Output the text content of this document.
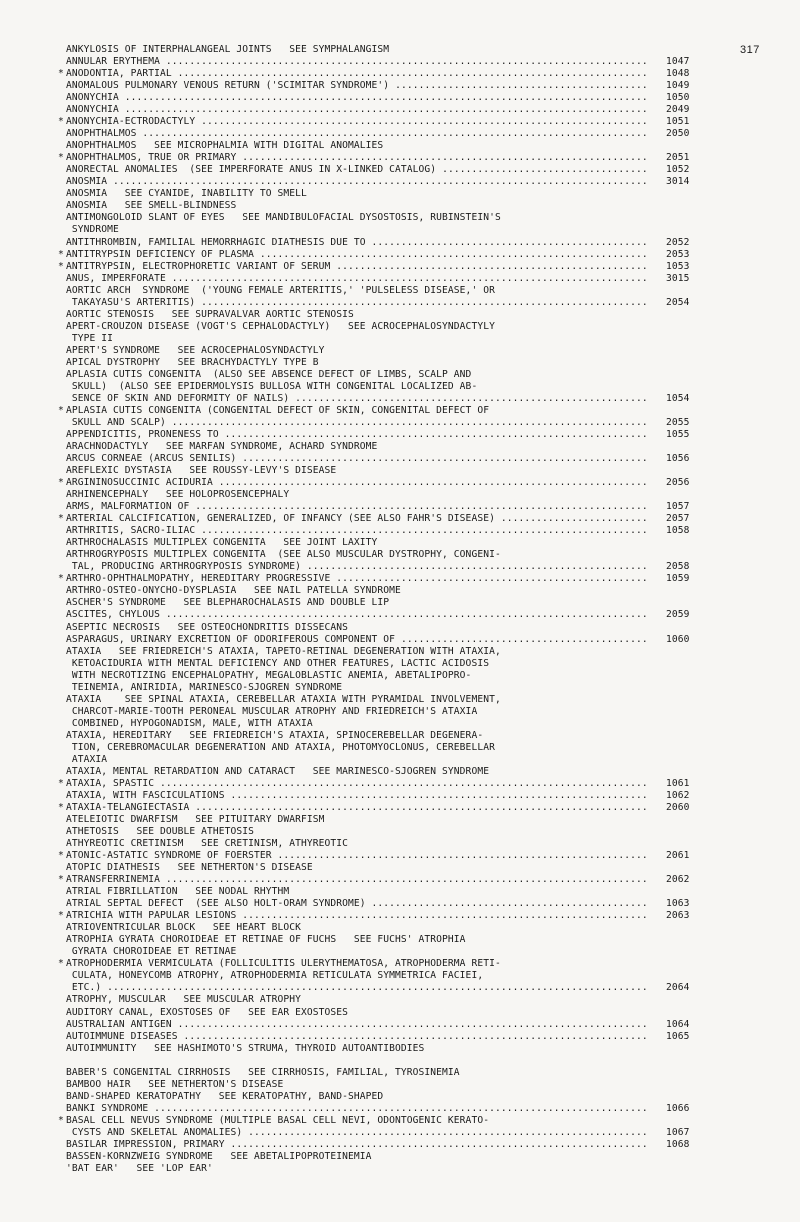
317
ANKYLOSIS OF INTERPHALANGEAL JOINTS   SEE SYMPHALANGISM
ANNULAR ERYTHEMA .....	1047
* ANODONTIA, PARTIAL .....	1048
ANOMALOUS PULMONARY VENOUS RETURN ('SCIMITAR SYNDROME') .....	1049
ANONYCHIA .....	1050
ANONYCHIA .....	2049
* ANONYCHIA-ECTRODACTYLY .....	1051
ANOPHTHALMOS .....	2050
ANOPHTHALMOS   SEE MICROPHALMIA WITH DIGITAL ANOMALIES
* ANOPHTHALMOS, TRUE OR PRIMARY .....	2051
ANORECTAL ANOMALIES  (SEE IMPERFORATE ANUS IN X-LINKED CATALOG) .....	1052
ANOSMIA .....	3014
ANOSMIA   SEE CYANIDE, INABILITY TO SMELL
ANOSMIA   SEE SMELL-BLINDNESS
ANTIMONGOLOID SLANT OF EYES   SEE MANDIBULOFACIAL DYSOSTOSIS, RUBINSTEIN'S
SYNDROME
ANTITHROMBIN, FAMILIAL HEMORRHAGIC DIATHESIS DUE TO .....	2052
* ANTITRYPSIN DEFICIENCY OF PLASMA .....	2053
* ANTITRYPSIN, ELECTROPHORETIC VARIANT OF SERUM .....	1053
ANUS, IMPERFORATE .....	3015
AORTIC ARCH  SYNDROME  ('YOUNG FEMALE ARTERITIS,' 'PULSELESS DISEASE,' OR
TAKAYASU'S ARTERITIS) .....	2054
AORTIC STENOSIS   SEE SUPRAVALVAR AORTIC STENOSIS
APERT-CROUZON DISEASE (VOGT'S CEPHALODACTYLY)   SEE ACROCEPHALOSYNDACTYLY
TYPE II
APERT'S SYNDROME   SEE ACROCEPHALOSYNDACTYLY
APICAL DYSTROPHY   SEE BRACHYDACTYLY TYPE B
APLASIA CUTIS CONGENITA  (ALSO SEE ABSENCE DEFECT OF LIMBS, SCALP AND
SKULL)  (ALSO SEE EPIDERMOLYSIS BULLOSA WITH CONGENITAL LOCALIZED AB-
SENCE OF SKIN AND DEFORMITY OF NAILS) .....	1054
* APLASIA CUTIS CONGENITA (CONGENITAL DEFECT OF SKIN, CONGENITAL DEFECT OF
SKULL AND SCALP) .....	2055
APPENDICITIS, PRONENESS TO .....	1055
ARACHNODACTYLY   SEE MARFAN SYNDROME, ACHARD SYNDROME
ARCUS CORNEAE (ARCUS SENILIS) .....	1056
AREFLEXIC DYSTASIA   SEE ROUSSY-LEVY'S DISEASE
* ARGININOSUCCINIC ACIDURIA .....	2056
ARHINENCEPHALY   SEE HOLOPROSENCEPHALY
ARMS, MALFORMATION OF .....	1057
* ARTERIAL CALCIFICATION, GENERALIZED, OF INFANCY (SEE ALSO FAHR'S DISEASE) .....	2057
ARTHRITIS, SACRO-ILIAC .....	1058
ARTHROCHALASIS MULTIPLEX CONGENITA   SEE JOINT LAXITY
ARTHROGRYPOSIS MULTIPLEX CONGENITA  (SEE ALSO MUSCULAR DYSTROPHY, CONGENI-
TAL, PRODUCING ARTHROGRYPOSIS SYNDROME) .....	2058
* ARTHRO-OPHTHALMOPATHY, HEREDITARY PROGRESSIVE .....	1059
ARTHRO-OSTEO-ONYCHO-DYSPLASIA   SEE NAIL PATELLA SYNDROME
ASCHER'S SYNDROME   SEE BLEPHAROCHALASIS AND DOUBLE LIP
ASCITES, CHYLOUS .....	2059
ASEPTIC NECROSIS   SEE OSTEOCHONDRITIS DISSECANS
ASPARAGUS, URINARY EXCRETION OF ODORIFEROUS COMPONENT OF .....	1060
ATAXIA   SEE FRIEDREICH'S ATAXIA, TAPETO-RETINAL DEGENERATION WITH ATAXIA,
KETOACIDURIA WITH MENTAL DEFICIENCY AND OTHER FEATURES, LACTIC ACIDOSIS
WITH NECROTIZING ENCEPHALOPATHY, MEGALOBLASTIC ANEMIA, ABETALIPOPRO-
TEINEMIA, ANIRIDIA, MARINESCO-SJOGREN SYNDROME
ATAXIA    SEE SPINAL ATAXIA, CEREBELLAR ATAXIA WITH PYRAMIDAL INVOLVEMENT,
CHARCOT-MARIE-TOOTH PERONEAL MUSCULAR ATROPHY AND FRIEDREICH'S ATAXIA
COMBINED, HYPOGONADISM, MALE, WITH ATAXIA
ATAXIA, HEREDITARY   SEE FRIEDREICH'S ATAXIA, SPINOCEREBELLAR DEGENERA-
TION, CEREBROMACULAR DEGENERATION AND ATAXIA, PHOTOMYOCLONUS, CEREBELLAR
ATAXIA
ATAXIA, MENTAL RETARDATION AND CATARACT   SEE MARINESCO-SJOGREN SYNDROME
* ATAXIA, SPASTIC .....	1061
ATAXIA, WITH FASCICULATIONS .....	1062
* ATAXIA-TELANGIECTASIA .....	2060
ATELEIOTIC DWARFISM   SEE PITUITARY DWARFISM
ATHETOSIS   SEE DOUBLE ATHETOSIS
ATHYREOTIC CRETINISM   SEE CRETINISM, ATHYREOTIC
* ATONIC-ASTATIC SYNDROME OF FOERSTER .....	2061
ATOPIC DIATHESIS   SEE NETHERTON'S DISEASE
* ATRANSFERRINEMIA .....	2062
ATRIAL FIBRILLATION   SEE NODAL RHYTHM
ATRIAL SEPTAL DEFECT  (SEE ALSO HOLT-ORAM SYNDROME) .....	1063
* ATRICHIA WITH PAPULAR LESIONS .....	2063
ATRIOVENTRICULAR BLOCK   SEE HEART BLOCK
ATROPHIA GYRATA CHOROIDEAE ET RETINAE OF FUCHS   SEE FUCHS' ATROPHIA
GYRATA CHOROIDEAE ET RETINAE
* ATROPHODERMIA VERMICULATA (FOLLICULITIS ULERYTHEMATOSA, ATROPHODERMA RETI-
CULATA, HONEYCOMB ATROPHY, ATROPHODERMIA RETICULATA SYMMETRICA FACIEI,
ETC.) .....	2064
ATROPHY, MUSCULAR   SEE MUSCULAR ATROPHY
AUDITORY CANAL, EXOSTOSES OF   SEE EAR EXOSTOSES
AUSTRALIAN ANTIGEN .....	1064
AUTOIMMUNE DISEASES .....	1065
AUTOIMMUNITY   SEE HASHIMOTO'S STRUMA, THYROID AUTOANTIBODIES
BABER'S CONGENITAL CIRRHOSIS   SEE CIRRHOSIS, FAMILIAL, TYROSINEMIA
BAMBOO HAIR   SEE NETHERTON'S DISEASE
BAND-SHAPED KERATOPATHY   SEE KERATOPATHY, BAND-SHAPED
BANKI SYNDROME .....	1066
* BASAL CELL NEVUS SYNDROME (MULTIPLE BASAL CELL NEVI, ODONTOGENIC KERATO-
CYSTS AND SKELETAL ANOMALIES) .....	1067
BASILAR IMPRESSION, PRIMARY .....	1068
BASSEN-KORNZWEIG SYNDROME   SEE ABETALIPOPROTEINEMIA
'BAT EAR'   SEE 'LOP EAR'
